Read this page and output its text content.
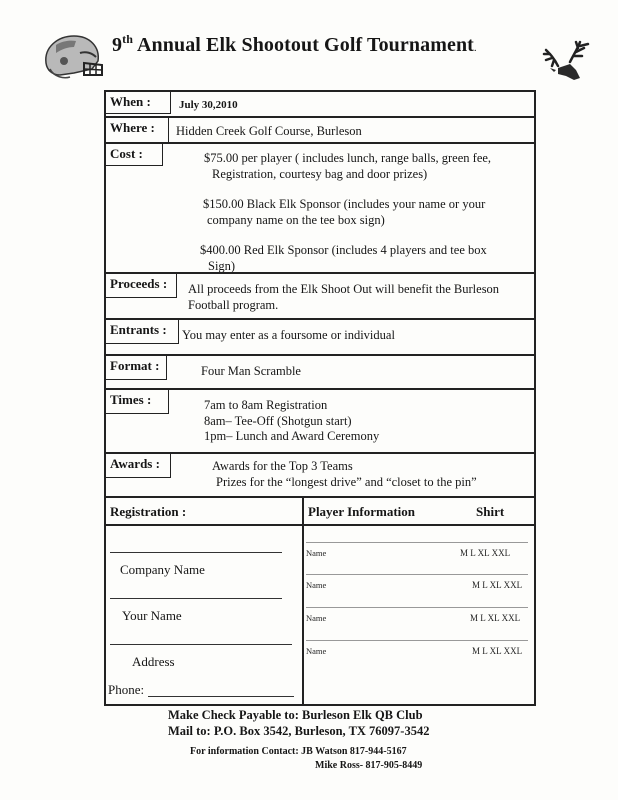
9th Annual Elk Shootout Golf Tournament.
When :	July 30,2010
Where :	Hidden Creek Golf Course, Burleson
Cost :	$75.00 per player ( includes lunch, range balls, green fee,
Registration, courtesy bag and door prizes)
$150.00 Black Elk Sponsor (includes your name or your
company name on the tee box sign)
$400.00 Red Elk Sponsor (includes 4 players and tee box
Sign)
Proceeds :	All proceeds from the Elk Shoot Out will benefit the Burleson
Football program.
Entrants :	You may enter as a foursome or individual
Format :	Four Man Scramble
Times :	7am to 8am Registration
8am– Tee-Off (Shotgun start)
1pm– Lunch and Award Ceremony
Awards :	Awards for the Top 3 Teams
Prizes for the “longest drive” and “closet to the pin”
Registration :
Company Name
Your Name
Address
Phone:
Player Information	Shirt
Name	M L XL XXL
Name	M L XL XXL
Name	M L XL XXL
Name	M L XL XXL
Make Check Payable to: Burleson Elk QB Club
Mail to: P.O. Box 3542, Burleson, TX 76097-3542
For information Contact: JB Watson 817-944-5167
Mike Ross- 817-905-8449
